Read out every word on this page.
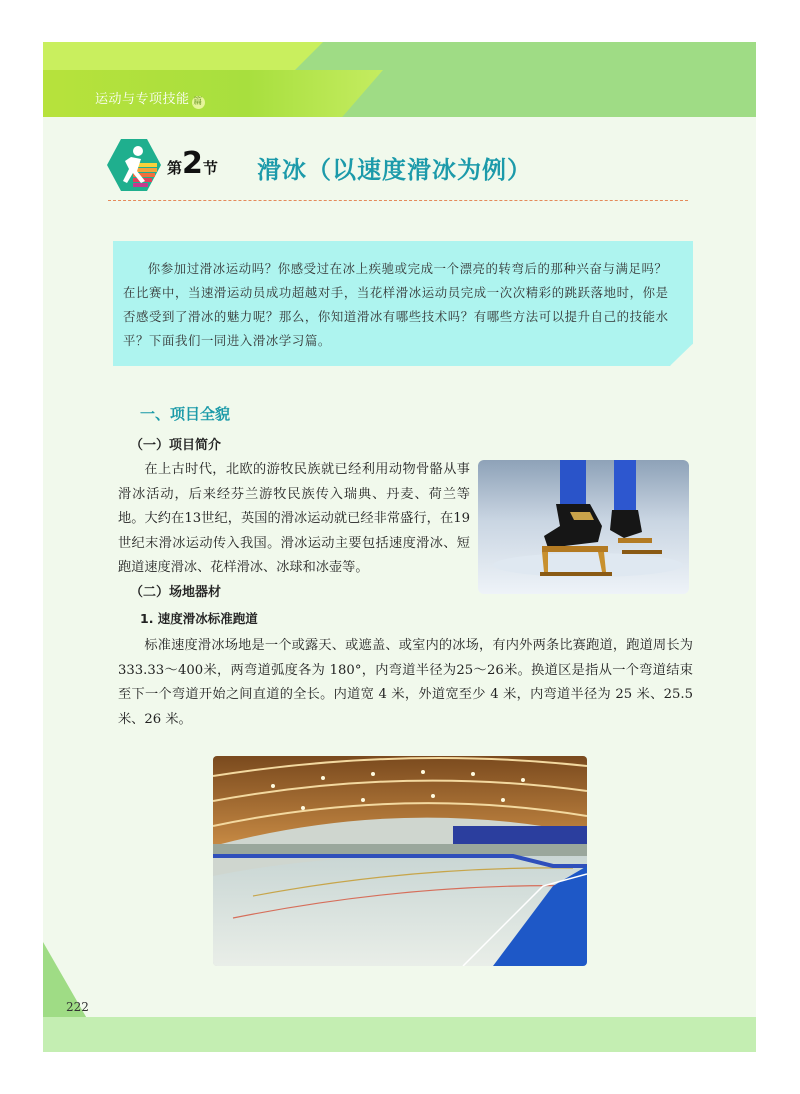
运动与专项技能 篇
第2节 滑冰（以速度滑冰为例）
你参加过滑冰运动吗？你感受过在冰上疾驰或完成一个漂亮的转弯后的那种兴奋与满足吗？在比赛中，当速滑运动员成功超越对手，当花样滑冰运动员完成一次次精彩的跳跃落地时，你是否感受到了滑冰的魅力呢？那么，你知道滑冰有哪些技术吗？有哪些方法可以提升自己的技能水平？下面我们一同进入滑冰学习篇。
一、项目全貌
（一）项目简介
在上古时代，北欧的游牧民族就已经利用动物骨骼从事滑冰活动，后来经芬兰游牧民族传入瑞典、丹麦、荷兰等地。大约在13世纪，英国的滑冰运动就已经非常盛行，在19世纪末滑冰运动传入我国。滑冰运动主要包括速度滑冰、短跑道速度滑冰、花样滑冰、冰球和冰壶等。
（二）场地器材
1. 速度滑冰标准跑道
标准速度滑冰场地是一个或露天、或遮盖、或室内的冰场，有内外两条比赛跑道，跑道周长为333.33～400米，两弯道弧度各为 180°，内弯道半径为25～26米。换道区是指从一个弯道结束至下一个弯道开始之间直道的全长。内道宽 4 米，外道宽至少 4 米，内弯道半径为 25 米、25.5 米、26 米。
222
